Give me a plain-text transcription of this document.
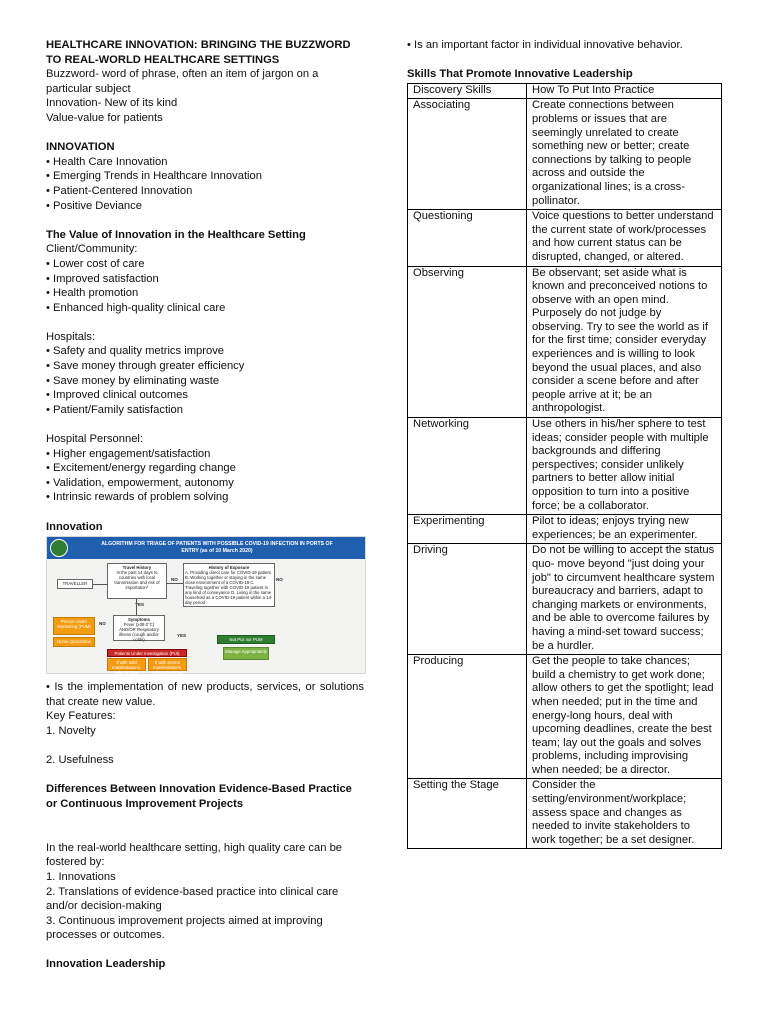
HEALTHCARE INNOVATION: BRINGING THE BUZZWORD TO REAL-WORLD HEALTHCARE SETTINGS

Buzzword- word of phrase, often an item of jargon on a particular subject

Innovation- New of its kind

Value-value for patients

INNOVATION

• Health Care Innovation
• Emerging Trends in Healthcare Innovation
• Patient-Centered Innovation
• Positive Deviance

The Value of Innovation in the Healthcare Setting

Client/Community:

• Lower cost of care
• Improved satisfaction
• Health promotion
• Enhanced high-quality clinical care

Hospitals:

• Safety and quality metrics improve
• Save money through greater efficiency
• Save money by eliminating waste
• Improved clinical outcomes
• Patient/Family satisfaction

Hospital Personnel:

• Higher engagement/satisfaction
• Excitement/energy regarding change
• Validation, empowerment, autonomy
• Intrinsic rewards of problem solving

Innovation

ALGORITHM FOR TRIAGE OF PATIENTS WITH POSSIBLE COVID-19 INFECTION IN PORTS OF ENTRY (as of 10 March 2020)
TRAVELLER
Travel History
In the past 14 days to countries with local transmission and risk of importation*
NO
History of Exposure
A. Providing direct care for COVID-19 patient B. Working together or staying in the same close environment of a COVID-19 C. Traveling together with COVID-19 patient in any kind of conveyance D. Living in the same household as a COVID-19 patient within a 14-day period
NO
YES
Symptoms
Fever (≥38.0°C) AND/OR Respiratory illness (cough and/or colds)
NO
YES
Person Under Monitoring (PUM)
Home Quarantine
Patients Under Investigation (PUI)
If with mild manifestations, refer to LGU hospital
If with severe manifestations, refer to Referral Hospitals
Not PUI nor PUM
Manage Appropriately

• Is the implementation of new products, services, or solutions that create new value.

Key Features:

1. Novelty

2. Usefulness

Differences Between Innovation Evidence-Based Practice or Continuous Improvement Projects

In the real-world healthcare setting, high quality care can be fostered by:

1. Innovations
2. Translations of evidence-based practice into clinical care and/or decision-making
3. Continuous improvement projects aimed at improving processes or outcomes.

Innovation Leadership

• Is an important factor in individual innovative behavior.

Skills That Promote Innovative Leadership

Discovery Skills	How To Put Into Practice
Associating	Create connections between problems or issues that are seemingly unrelated to create something new or better; create connections by talking to people across and outside the organizational lines; is a cross-pollinator.
Questioning	Voice questions to better understand the current state of work/processes and how current status can be disrupted, changed, or altered.
Observing	Be observant; set aside what is known and preconceived notions to observe with an open mind. Purposely do not judge by observing. Try to see the world as if for the first time; consider everyday experiences and is willing to look beyond the usual places, and also consider a scene before and after people arrive at it; be an anthropologist.
Networking	Use others in his/her sphere to test ideas; consider people with multiple backgrounds and differing perspectives; consider unlikely partners to better allow initial opposition to turn into a positive force; be a collaborator.
Experimenting	Pilot to ideas; enjoys trying new experiences; be an experimenter.
Driving	Do not be willing to accept the status quo- move beyond "just doing your job" to circumvent healthcare system bureaucracy and barriers, adapt to changing markets or environments, and be able to overcome failures by having a mind-set toward success; be a hurdler.
Producing	Get the people to take chances; build a chemistry to get work done; allow others to get the spotlight; lead when needed; put in the time and energy-long hours, deal with upcoming deadlines, create the best team; lay out the goals and solves problems, including improvising when needed; be a director.
Setting the Stage	Consider the setting/environment/workplace; assess space and changes as needed to invite stakeholders to work together; be a set designer.
